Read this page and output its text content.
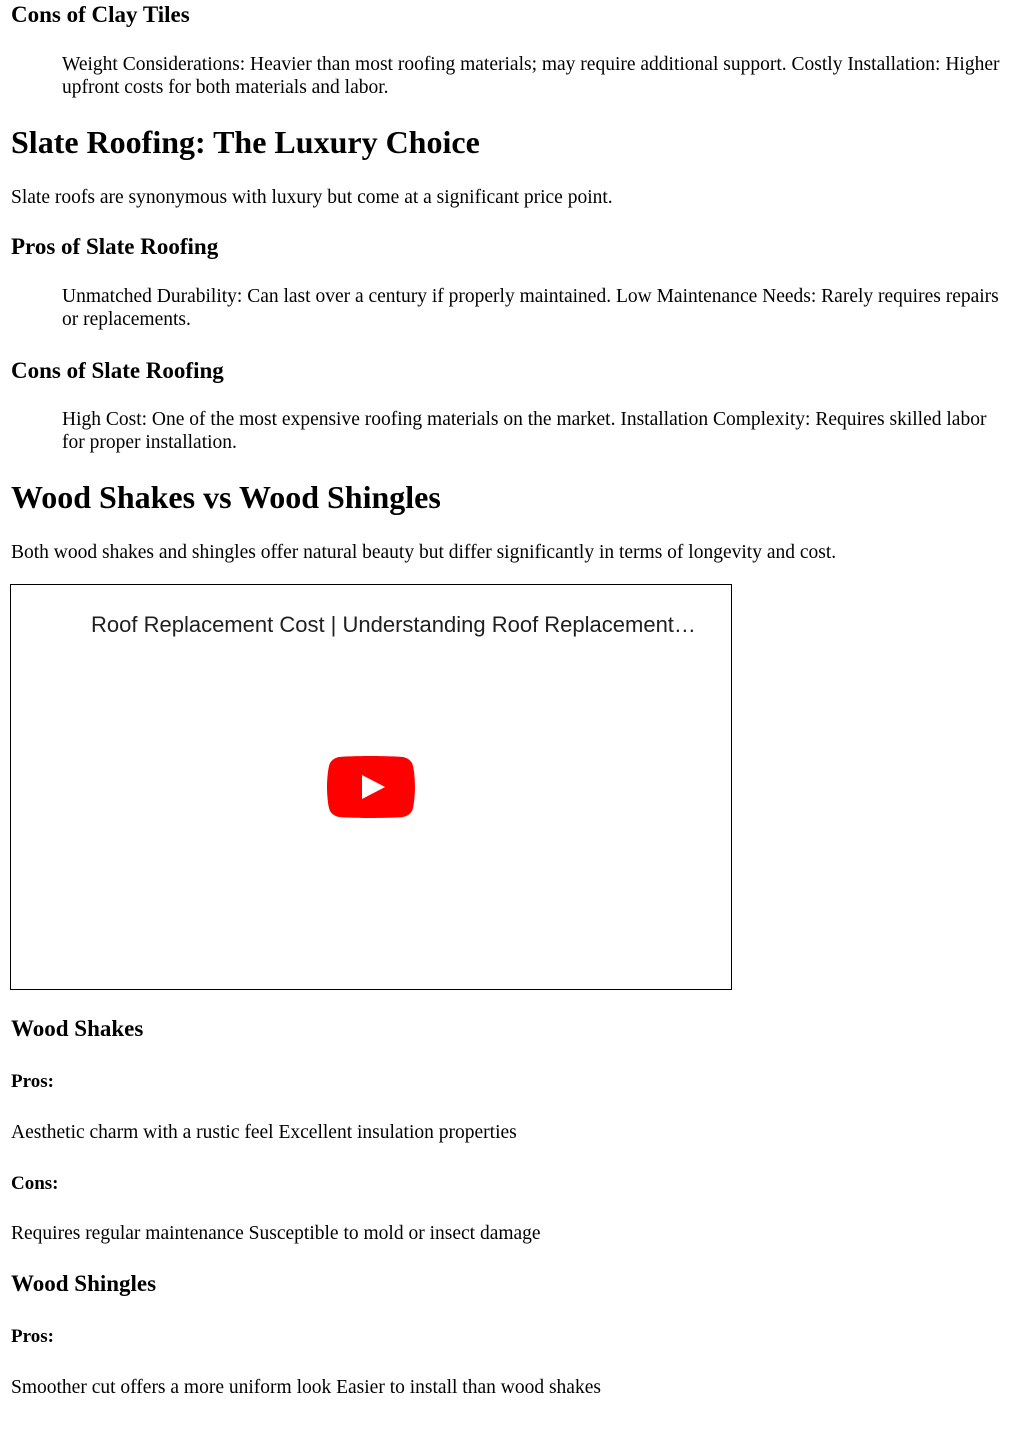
Cons of Clay Tiles
Weight Considerations: Heavier than most roofing materials; may require additional support. Costly Installation: Higher upfront costs for both materials and labor.
Slate Roofing: The Luxury Choice

Slate roofs are synonymous with luxury but come at a significant price point.

Pros of Slate Roofing
Unmatched Durability: Can last over a century if properly maintained. Low Maintenance Needs: Rarely requires repairs or replacements.
Cons of Slate Roofing
High Cost: One of the most expensive roofing materials on the market. Installation Complexity: Requires skilled labor for proper installation.
Wood Shakes vs Wood Shingles

Both wood shakes and shingles offer natural beauty but differ significantly in terms of longevity and cost.

Roof Replacement Cost | Understanding Roof Replacement…
Wood Shakes
Pros:

Aesthetic charm with a rustic feel Excellent insulation properties

Cons:

Requires regular maintenance Susceptible to mold or insect damage

Wood Shingles
Pros:

Smoother cut offers a more uniform look Easier to install than wood shakes
